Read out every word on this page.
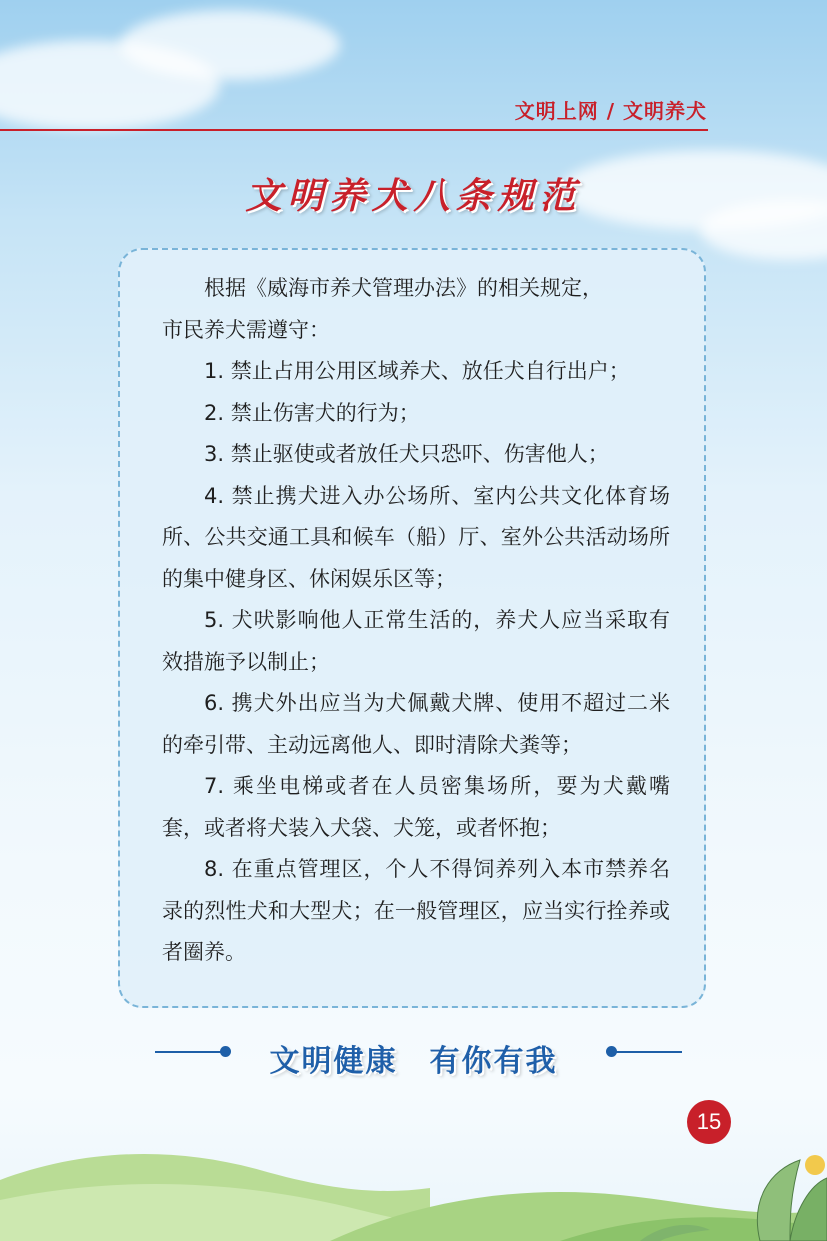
文明上网 / 文明养犬
文明养犬八条规范

根据《威海市养犬管理办法》的相关规定，

市民养犬需遵守：

1. 禁止占用公用区域养犬、放任犬自行出户；

2. 禁止伤害犬的行为；

3. 禁止驱使或者放任犬只恐吓、伤害他人；

4. 禁止携犬进入办公场所、室内公共文化体育场所、公共交通工具和候车（船）厅、室外公共活动场所的集中健身区、休闲娱乐区等；

5. 犬吠影响他人正常生活的，养犬人应当采取有效措施予以制止；

6. 携犬外出应当为犬佩戴犬牌、使用不超过二米的牵引带、主动远离他人、即时清除犬粪等；

7. 乘坐电梯或者在人员密集场所，要为犬戴嘴套，或者将犬装入犬袋、犬笼，或者怀抱；

8. 在重点管理区，个人不得饲养列入本市禁养名录的烈性犬和大型犬；在一般管理区，应当实行拴养或者圈养。

文明健康　有你有我
15
